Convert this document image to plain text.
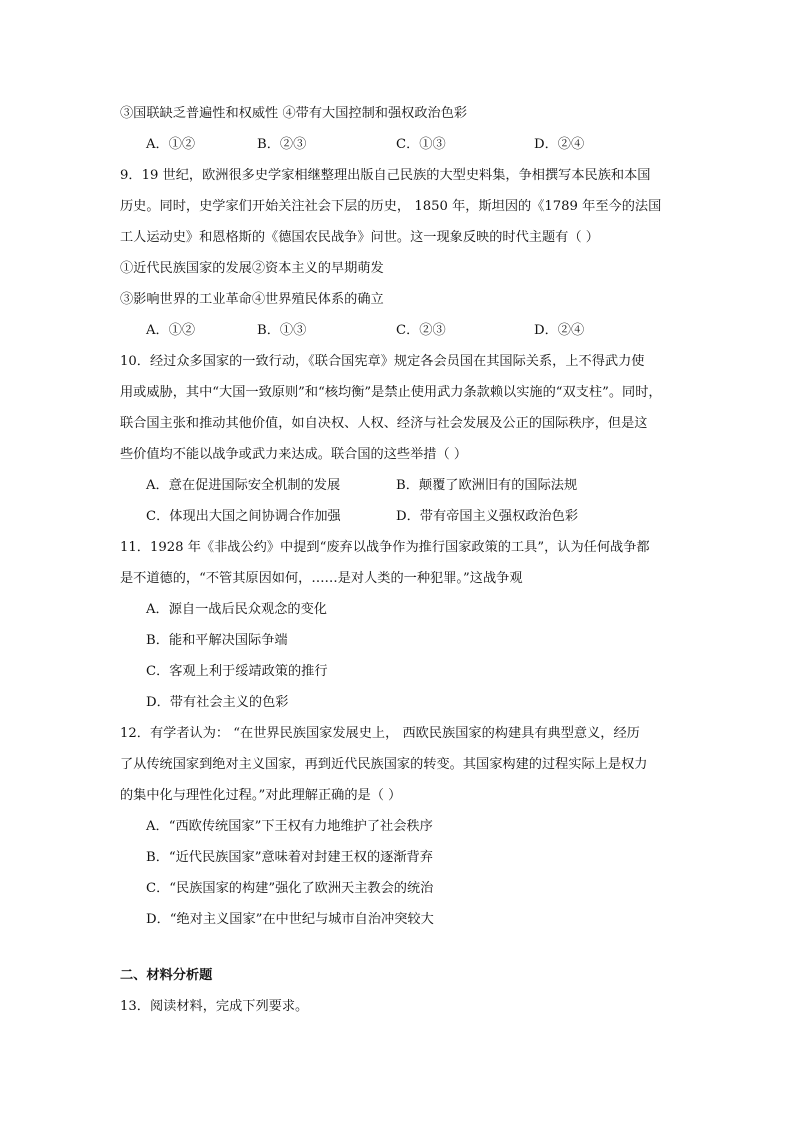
③国联缺乏普遍性和权威性 ④带有大国控制和强权政治色彩
A．①②	B．②③	C．①③	D．②④
9．19 世纪，欧洲很多史学家相继整理出版自己民族的大型史料集，争相撰写本民族和本国
历史。同时，史学家们开始关注社会下层的历史， 1850 年，斯坦因的《1789 年至今的法国
工人运动史》和恩格斯的《德国农民战争》问世。这一现象反映的时代主题有（ ）
①近代民族国家的发展②资本主义的早期萌发
③影响世界的工业革命④世界殖民体系的确立
A．①②	B．①③	C．②③	D．②④
10．经过众多国家的一致行动，《联合国宪章》规定各会员国在其国际关系，上不得武力使
用或威胁，其中“大国一致原则”和“核均衡”是禁止使用武力条款赖以实施的“双支柱”。同时，
联合国主张和推动其他价值，如自决权、人权、经济与社会发展及公正的国际秩序，但是这
些价值均不能以战争或武力来达成。联合国的这些举措（ ）
A．意在促进国际安全机制的发展	B．颠覆了欧洲旧有的国际法规
C．体现出大国之间协调合作加强	D．带有帝国主义强权政治色彩
11．1928 年《非战公约》中提到“废弃以战争作为推行国家政策的工具”，认为任何战争都
是不道德的，“不管其原因如何，……是对人类的一种犯罪。”这战争观
A．源自一战后民众观念的变化
B．能和平解决国际争端
C．客观上利于绥靖政策的推行
D．带有社会主义的色彩
12．有学者认为： “在世界民族国家发展史上， 西欧民族国家的构建具有典型意义，经历
了从传统国家到绝对主义国家，再到近代民族国家的转变。其国家构建的过程实际上是权力
的集中化与理性化过程。”对此理解正确的是（ ）
A．“西欧传统国家”下王权有力地维护了社会秩序
B．“近代民族国家”意味着对封建王权的逐渐背弃
C．“民族国家的构建”强化了欧洲天主教会的统治
D．“绝对主义国家”在中世纪与城市自治冲突较大
二、材料分析题
13．阅读材料，完成下列要求。
